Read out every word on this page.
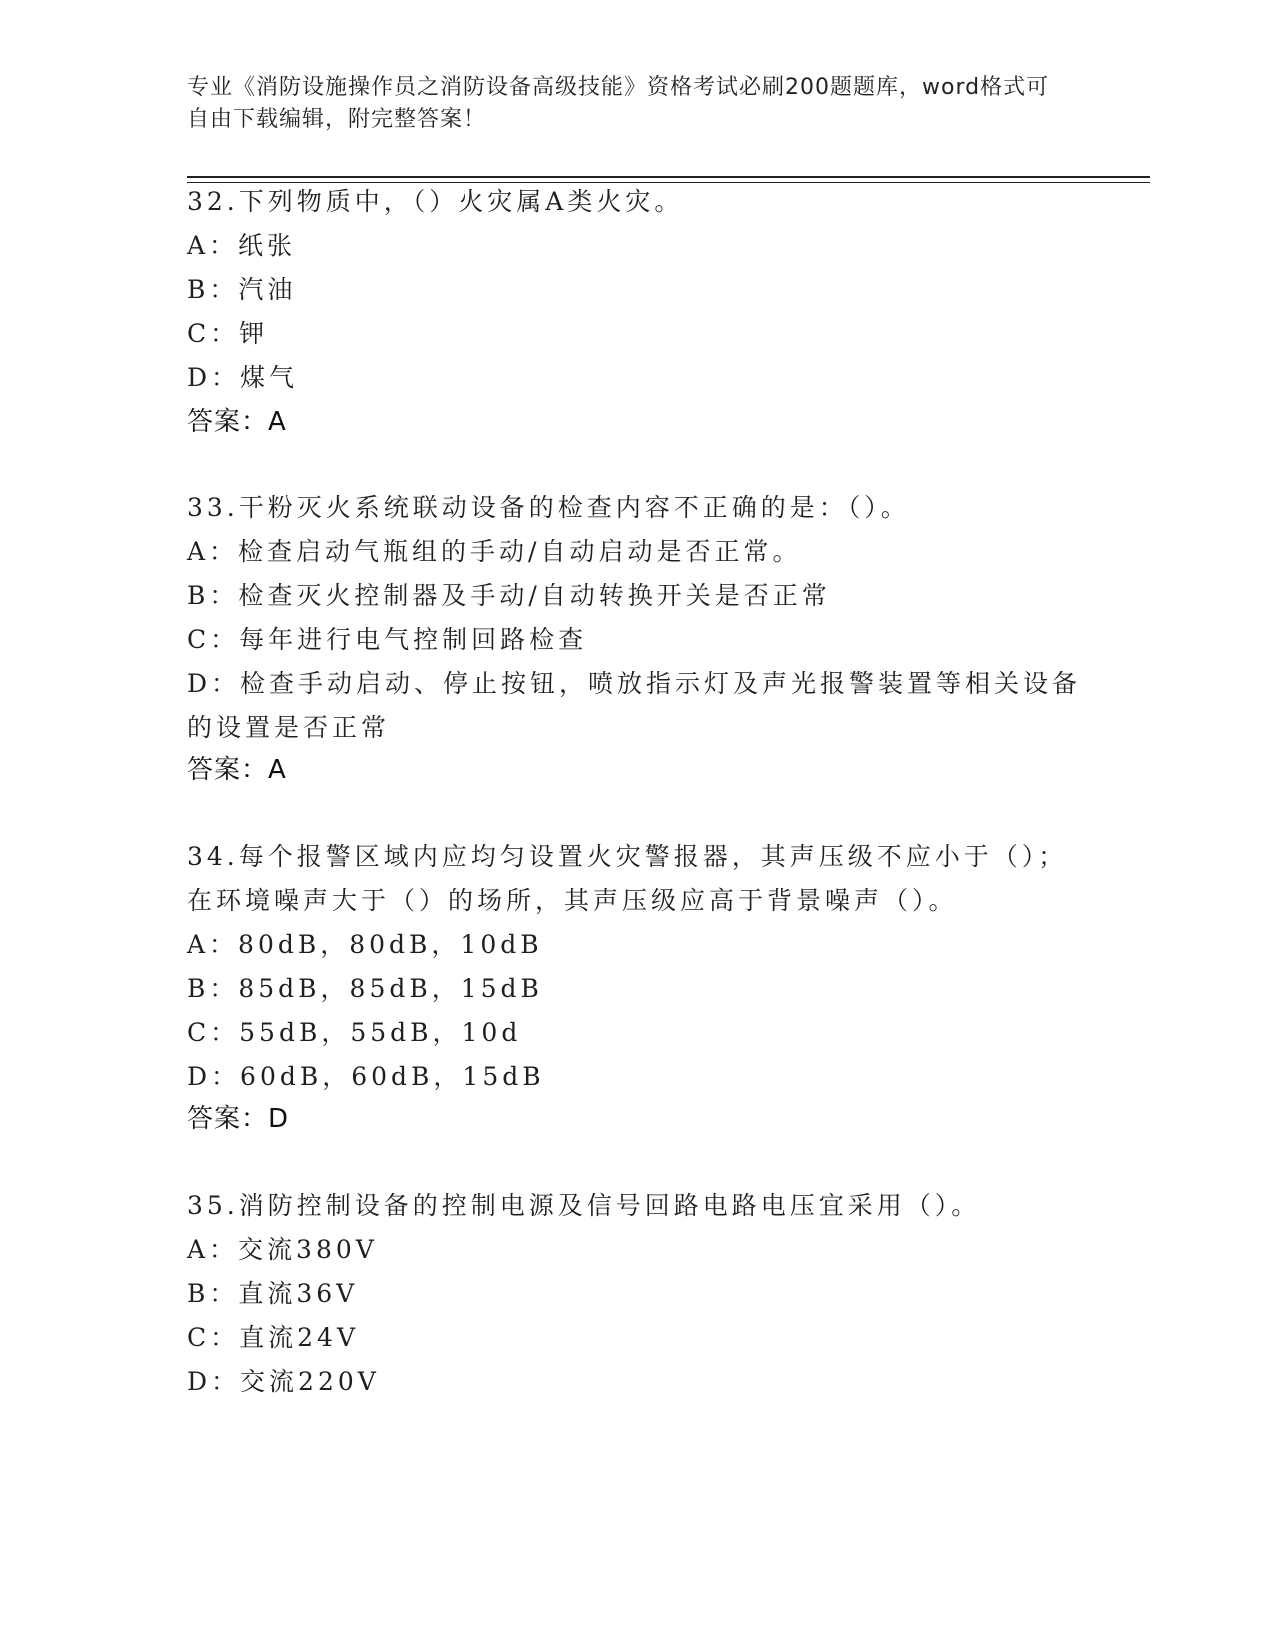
专业《消防设施操作员之消防设备高级技能》资格考试必刷200题题库，word格式可自由下载编辑，附完整答案！
32.下列物质中，（）火灾属A类火灾。
A：纸张
B：汽油
C：钾
D：煤气
答案：A
33.干粉灭火系统联动设备的检查内容不正确的是：（）。
A：检查启动气瓶组的手动/自动启动是否正常。
B：检查灭火控制器及手动/自动转换开关是否正常
C：每年进行电气控制回路检查
D：检查手动启动、停止按钮，喷放指示灯及声光报警装置等相关设备
的设置是否正常
答案：A
34.每个报警区域内应均匀设置火灾警报器，其声压级不应小于（）；
在环境噪声大于（）的场所，其声压级应高于背景噪声（）。
A：80dB，80dB，10dB
B：85dB，85dB，15dB
C：55dB，55dB，10d
D：60dB，60dB，15dB
答案：D
35.消防控制设备的控制电源及信号回路电路电压宜采用（）。
A：交流380V
B：直流36V
C：直流24V
D：交流220V
